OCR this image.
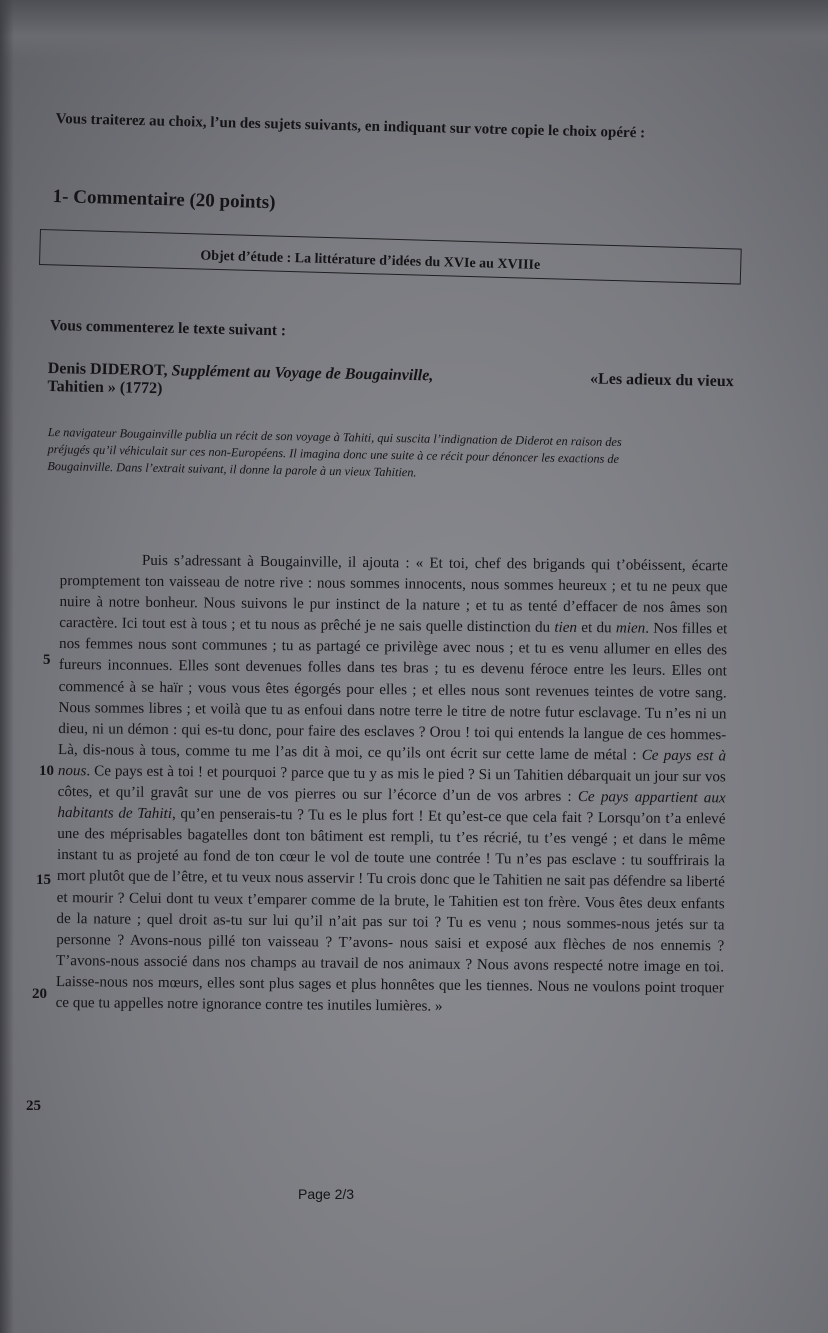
Vous traiterez au choix, l’un des sujets suivants, en indiquant sur votre copie le choix opéré :
1- Commentaire (20 points)
Objet d’étude : La littérature d’idées du XVIe au XVIIIe
Vous commenterez le texte suivant :
Denis DIDEROT, Supplément au Voyage de Bougainville,	«Les adieux du vieux
Tahitien » (1772)
Le navigateur Bougainville publia un récit de son voyage à Tahiti, qui suscita l’indignation de Diderot en raison des préjugés qu’il véhiculait sur ces non-Européens. Il imagina donc une suite à ce récit pour dénoncer les exactions de Bougainville. Dans l’extrait suivant, il donne la parole à un vieux Tahitien.

Puis s’adressant à Bougainville, il ajouta : « Et toi, chef des brigands qui t’obéissent, écarte promptement ton vaisseau de notre rive : nous sommes innocents, nous sommes heureux ; et tu ne peux que nuire à notre bonheur. Nous suivons le pur instinct de la nature ; et tu as tenté d’effacer de nos âmes son caractère. Ici tout est à tous ; et tu nous as prêché je ne sais quelle distinction du tien et du mien. Nos filles et nos femmes nous sont communes ; tu as partagé ce privilège avec nous ; et tu es venu allumer en elles des fureurs inconnues. Elles sont devenues folles dans tes bras ; tu es devenu féroce entre les leurs. Elles ont commencé à se haïr ; vous vous êtes égorgés pour elles ; et elles nous sont revenues teintes de votre sang. Nous sommes libres ; et voilà que tu as enfoui dans notre terre le titre de notre futur esclavage. Tu n’es ni un dieu, ni un démon : qui es-tu donc, pour faire des esclaves ? Orou ! toi qui entends la langue de ces hommes-Là, dis-nous à tous, comme tu me l’as dit à moi, ce qu’ils ont écrit sur cette lame de métal : Ce pays est à nous. Ce pays est à toi ! et pourquoi ? parce que tu y as mis le pied ? Si un Tahitien débarquait un jour sur vos côtes, et qu’il gravât sur une de vos pierres ou sur l’écorce d’un de vos arbres : Ce pays appartient aux habitants de Tahiti, qu’en penserais-tu ? Tu es le plus fort ! Et qu’est-ce que cela fait ? Lorsqu’on t’a enlevé une des méprisables bagatelles dont ton bâtiment est rempli, tu t’es récrié, tu t’es vengé ; et dans le même instant tu as projeté au fond de ton cœur le vol de toute une contrée ! Tu n’es pas esclave : tu souffrirais la mort plutôt que de l’être, et tu veux nous asservir ! Tu crois donc que le Tahitien ne sait pas défendre sa liberté et mourir ? Celui dont tu veux t’emparer comme de la brute, le Tahitien est ton frère. Vous êtes deux enfants de la nature ; quel droit as-tu sur lui qu’il n’ait pas sur toi ? Tu es venu ; nous sommes-nous jetés sur ta personne ? Avons-nous pillé ton vaisseau ? T’avons- nous saisi et exposé aux flèches de nos ennemis ? T’avons-nous associé dans nos champs au travail de nos animaux ? Nous avons respecté notre image en toi. Laisse-nous nos mœurs, elles sont plus sages et plus honnêtes que les tiennes. Nous ne voulons point troquer ce que tu appelles notre ignorance contre tes inutiles lumières. »

5
10
15
20
25
Page 2/3
